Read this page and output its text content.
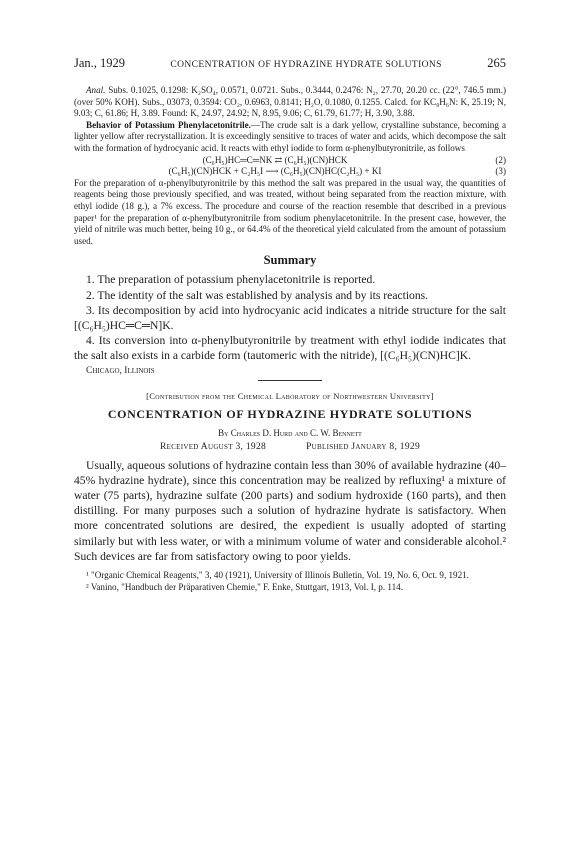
Jan., 1929	CONCENTRATION OF HYDRAZINE HYDRATE SOLUTIONS	265

Anal. Subs. 0.1025, 0.1298: K₂SO₄, 0.0571, 0.0721. Subs., 0.3444, 0.2476: N₂, 27.70, 20.20 cc. (22°, 746.5 mm.) (over 50% KOH). Subs., 03073, 0.3594: CO₂, 0.6963, 0.8141; H₂O, 0.1080, 0.1255. Calcd. for KC₈H₆N: K, 25.19; N, 9.03; C, 61.86; H, 3.89. Found: K, 24.97, 24.92; N, 8.95, 9.06; C, 61.79, 61.77; H, 3.90, 3.88.

Behavior of Potassium Phenylacetonitrile.—The crude salt is a dark yellow, crystalline substance, becoming a lighter yellow after recrystallization. It is exceedingly sensitive to traces of water and acids, which decompose the salt with the formation of hydrocyanic acid. It reacts with ethyl iodide to form α-phenylbutyronitrile, as follows

(C₆H₅)HC═C═NK ⇄ (C₆H₅)(CN)HCK	(2)
(C₆H₅)(CN)HCK + C₂H₅I ⟶ (C₆H₅)(CN)HC(C₂H₅) + KI	(3)

For the preparation of α-phenylbutyronitrile by this method the salt was prepared in the usual way, the quantities of reagents being those previously specified, and was treated, without being separated from the reaction mixture, with ethyl iodide (18 g.), a 7% excess. The procedure and course of the reaction resemble that described in a previous paper¹ for the preparation of α-phenylbutyronitrile from sodium phenylacetonitrile. In the present case, however, the yield of nitrile was much better, being 10 g., or 64.4% of the theoretical yield calculated from the amount of potassium used.

Summary

1. The preparation of potassium phenylacetonitrile is reported.

2. The identity of the salt was established by analysis and by its reactions.

3. Its decomposition by acid into hydrocyanic acid indicates a nitride structure for the salt [(C₆H₅)HC═C═N]K.

4. Its conversion into α-phenylbutyronitrile by treatment with ethyl iodide indicates that the salt also exists in a carbide form (tautomeric with the nitride), [(C₆H₅)(CN)HC]K.

Chicago, Illinois
[Contribution from the Chemical Laboratory of Northwestern University]
CONCENTRATION OF HYDRAZINE HYDRATE SOLUTIONS
By Charles D. Hurd and C. W. Bennett
Received August 3, 1928	Published January 8, 1929

Usually, aqueous solutions of hydrazine contain less than 30% of available hydrazine (40–45% hydrazine hydrate), since this concentration may be realized by refluxing¹ a mixture of water (75 parts), hydrazine sulfate (200 parts) and sodium hydroxide (160 parts), and then distilling. For many purposes such a solution of hydrazine hydrate is satisfactory. When more concentrated solutions are desired, the expedient is usually adopted of starting similarly but with less water, or with a minimum volume of water and considerable alcohol.² Such devices are far from satisfactory owing to poor yields.

¹ "Organic Chemical Reagents," 3, 40 (1921), University of Illinois Bulletin, Vol. 19, No. 6, Oct. 9, 1921.

² Vanino, "Handbuch der Präparativen Chemie," F. Enke, Stuttgart, 1913, Vol. I, p. 114.
